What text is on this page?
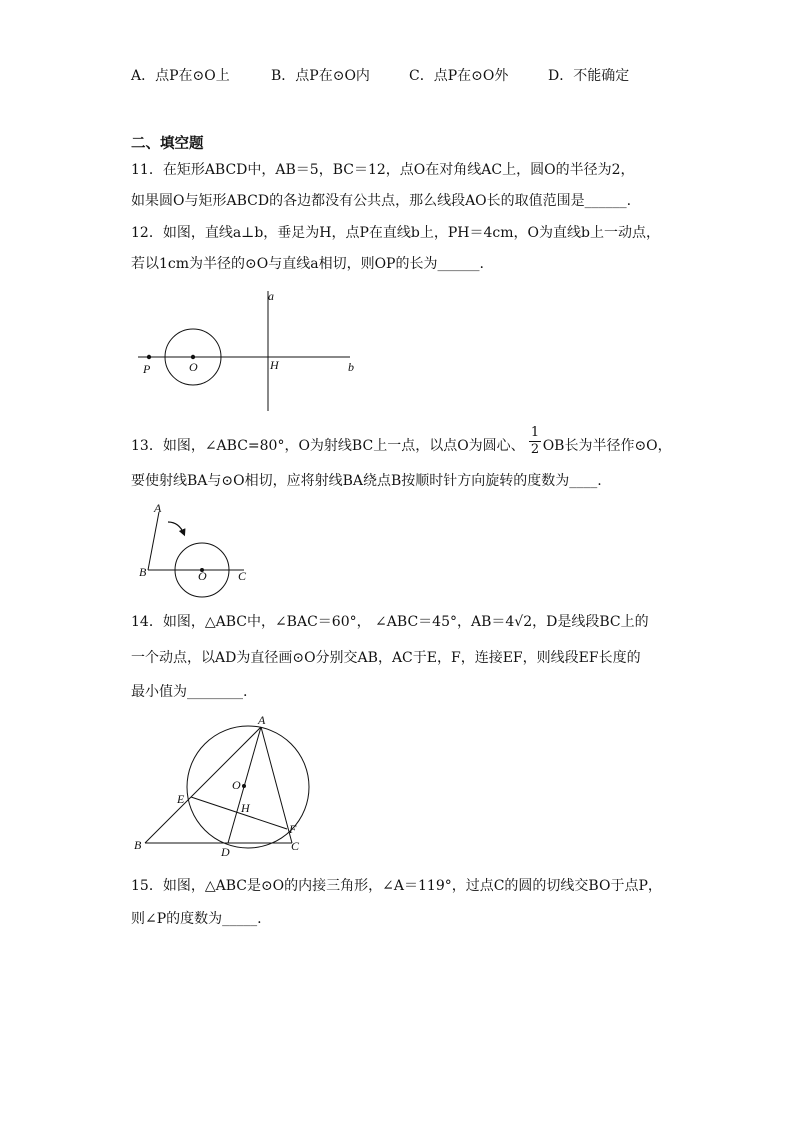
A．点P在⊙O上	B．点P在⊙O内	C．点P在⊙O外	D．不能确定
二、填空题
11．在矩形ABCD中，AB＝5，BC＝12，点O在对角线AC上，圆O的半径为2，
如果圆O与矩形ABCD的各边都没有公共点，那么线段AO长的取值范围是______.
12．如图，直线a⊥b，垂足为H，点P在直线b上，PH＝4cm，O为直线b上一动点，
若以1cm为半径的⊙O与直线a相切，则OP的长为______.
a
H	b
P	O
13．如图，∠ABC=80°，O为射线BC上一点，以点O为圆心、 OB长为半径作⊙O，
1
2
要使射线BA与⊙O相切，应将射线BA绕点B按顺时针方向旋转的度数为____.
A
B	O	C
14．如图，△ABC中，∠BAC＝60°， ∠ABC＝45°，AB＝4√2，D是线段BC上的
一个动点，以AD为直径画⊙O分别交AB，AC于E，F，连接EF，则线段EF长度的
最小值为________.
A
O
E
H
F
B	D	C
15．如图，△ABC是⊙O的内接三角形，∠A＝119°，过点C的圆的切线交BO于点P，
则∠P的度数为_____.
